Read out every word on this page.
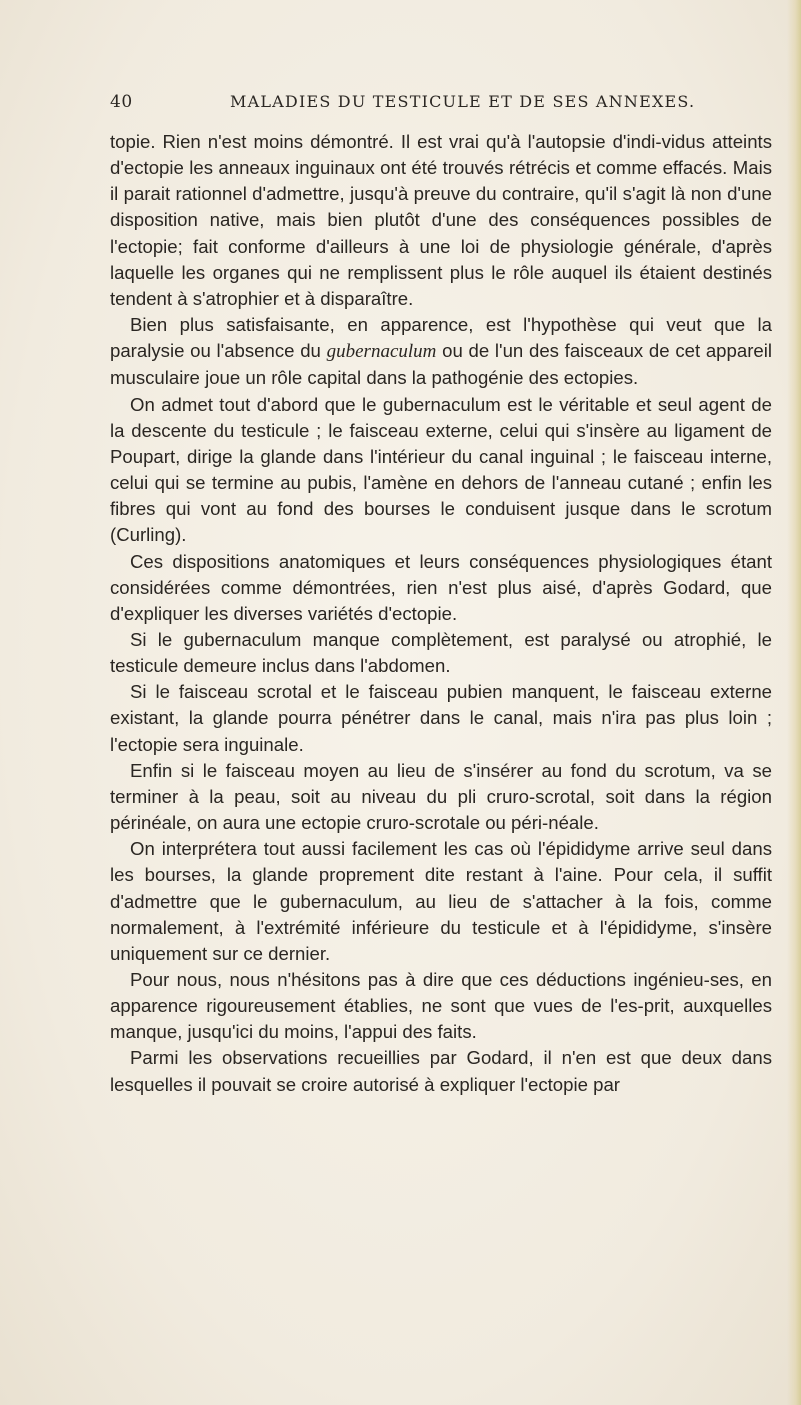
40	MALADIES DU TESTICULE ET DE SES ANNEXES.

topie. Rien n'est moins démontré. Il est vrai qu'à l'autopsie d'indi-vidus atteints d'ectopie les anneaux inguinaux ont été trouvés rétrécis et comme effacés. Mais il parait rationnel d'admettre, jusqu'à preuve du contraire, qu'il s'agit là non d'une disposition native, mais bien plutôt d'une des conséquences possibles de l'ectopie; fait conforme d'ailleurs à une loi de physiologie générale, d'après laquelle les organes qui ne remplissent plus le rôle auquel ils étaient destinés tendent à s'atrophier et à disparaître.

Bien plus satisfaisante, en apparence, est l'hypothèse qui veut que la paralysie ou l'absence du gubernaculum ou de l'un des faisceaux de cet appareil musculaire joue un rôle capital dans la pathogénie des ectopies.

On admet tout d'abord que le gubernaculum est le véritable et seul agent de la descente du testicule ; le faisceau externe, celui qui s'insère au ligament de Poupart, dirige la glande dans l'intérieur du canal inguinal ; le faisceau interne, celui qui se termine au pubis, l'amène en dehors de l'anneau cutané ; enfin les fibres qui vont au fond des bourses le conduisent jusque dans le scrotum (Curling).

Ces dispositions anatomiques et leurs conséquences physiologiques étant considérées comme démontrées, rien n'est plus aisé, d'après Godard, que d'expliquer les diverses variétés d'ectopie.

Si le gubernaculum manque complètement, est paralysé ou atrophié, le testicule demeure inclus dans l'abdomen.

Si le faisceau scrotal et le faisceau pubien manquent, le faisceau externe existant, la glande pourra pénétrer dans le canal, mais n'ira pas plus loin ; l'ectopie sera inguinale.

Enfin si le faisceau moyen au lieu de s'insérer au fond du scrotum, va se terminer à la peau, soit au niveau du pli cruro-scrotal, soit dans la région périnéale, on aura une ectopie cruro-scrotale ou péri-néale.

On interprétera tout aussi facilement les cas où l'épididyme arrive seul dans les bourses, la glande proprement dite restant à l'aine. Pour cela, il suffit d'admettre que le gubernaculum, au lieu de s'attacher à la fois, comme normalement, à l'extrémité inférieure du testicule et à l'épididyme, s'insère uniquement sur ce dernier.

Pour nous, nous n'hésitons pas à dire que ces déductions ingénieu-ses, en apparence rigoureusement établies, ne sont que vues de l'es-prit, auxquelles manque, jusqu'ici du moins, l'appui des faits.

Parmi les observations recueillies par Godard, il n'en est que deux dans lesquelles il pouvait se croire autorisé à expliquer l'ectopie par
